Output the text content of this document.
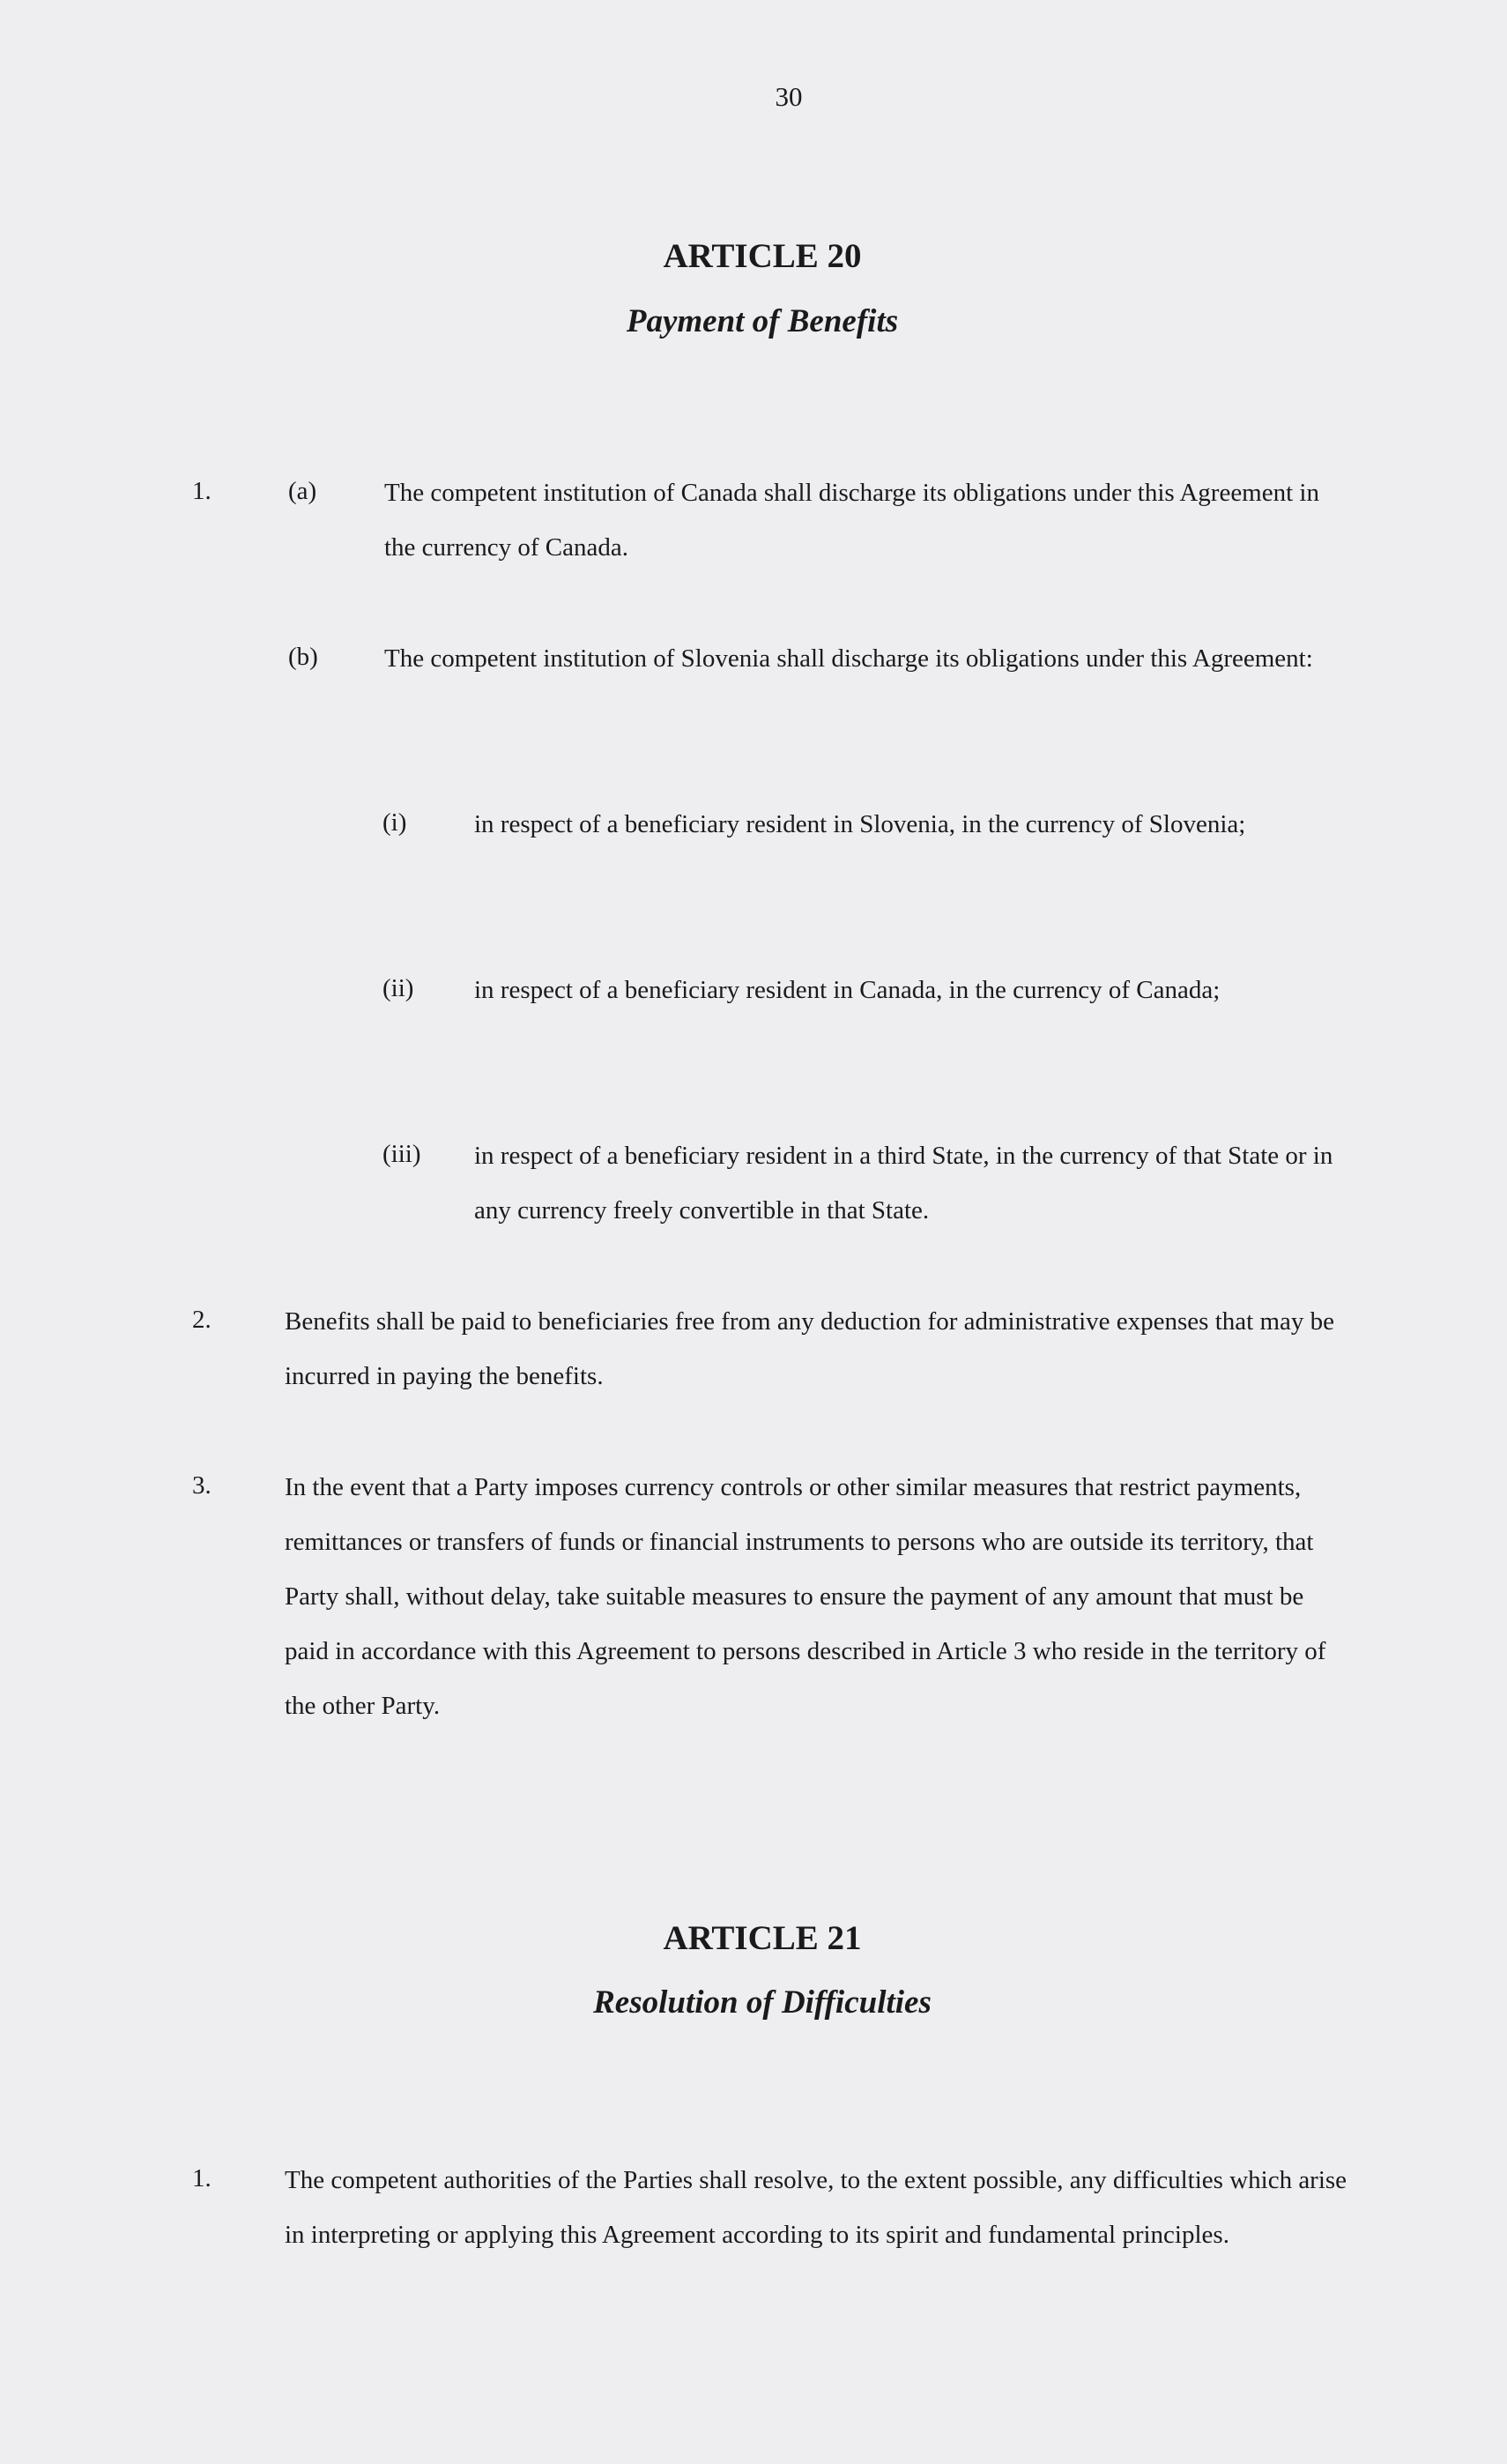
30
ARTICLE 20
Payment of Benefits
1.	(a)	The competent institution of Canada shall discharge its obligations under this Agreement in the currency of Canada.

(b)	The competent institution of Slovenia shall discharge its obligations under this Agreement:

(i)	in respect of a beneficiary resident in Slovenia, in the currency of Slovenia;

(ii) in respect of a beneficiary resident in Canada, in the currency of Canada;

(iii) in respect of a beneficiary resident in a third State, in the currency of that State or in any currency freely convertible in that State.

2.	Benefits shall be paid to beneficiaries free from any deduction for administrative expenses that may be incurred in paying the benefits.

3.	In the event that a Party imposes currency controls or other similar measures that restrict payments, remittances or transfers of funds or financial instruments to persons who are outside its territory, that Party shall, without delay, take suitable measures to ensure the payment of any amount that must be paid in accordance with this Agreement to persons described in Article 3 who reside in the territory of the other Party.

ARTICLE 21
Resolution of Difficulties
1.	The competent authorities of the Parties shall resolve, to the extent possible, any difficulties which arise in interpreting or applying this Agreement according to its spirit and fundamental principles.
